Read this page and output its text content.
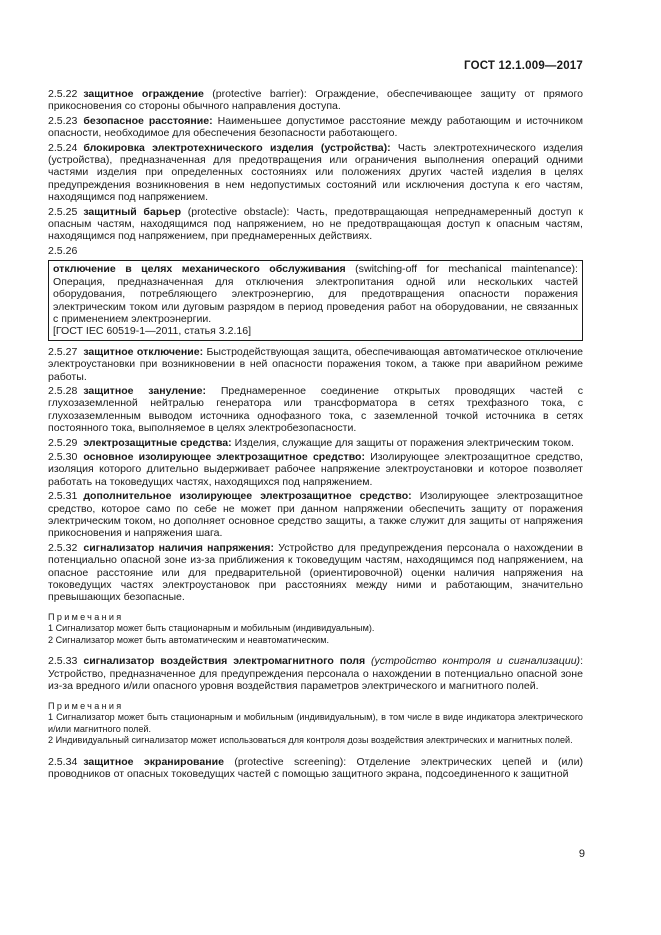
ГОСТ 12.1.009—2017

2.5.22 защитное ограждение (protective barrier): Ограждение, обеспечивающее защиту от прямого прикосновения со стороны обычного направления доступа.

2.5.23 безопасное расстояние: Наименьшее допустимое расстояние между работающим и источником опасности, необходимое для обеспечения безопасности работающего.

2.5.24 блокировка электротехнического изделия (устройства): Часть электротехнического изделия (устройства), предназначенная для предотвращения или ограничения выполнения операций одними частями изделия при определенных состояниях или положениях других частей изделия в целях предупреждения возникновения в нем недопустимых состояний или исключения доступа к его частям, находящимся под напряжением.

2.5.25 защитный барьер (protective obstacle): Часть, предотвращающая непреднамеренный доступ к опасным частям, находящимся под напряжением, но не предотвращающая доступ к опасным частям, находящимся под напряжением, при преднамеренных действиях.

2.5.26

отключение в целях механического обслуживания (switching-off for mechanical maintenance): Операция, предназначенная для отключения электропитания одной или нескольких частей оборудования, потребляющего электроэнергию, для предотвращения опасности поражения электрическим током или дуговым разрядом в период проведения работ на оборудовании, не связанных с применением электроэнергии.

[ГОСТ IEC 60519-1—2011, статья 3.2.16]

2.5.27 защитное отключение: Быстродействующая защита, обеспечивающая автоматическое отключение электроустановки при возникновении в ней опасности поражения током, а также при аварийном режиме работы.

2.5.28 защитное зануление: Преднамеренное соединение открытых проводящих частей с глухозаземленной нейтралью генератора или трансформатора в сетях трехфазного тока, с глухозаземленным выводом источника однофазного тока, с заземленной точкой источника в сетях постоянного тока, выполняемое в целях электробезопасности.

2.5.29 электрозащитные средства: Изделия, служащие для защиты от поражения электрическим током.

2.5.30 основное изолирующее электрозащитное средство: Изолирующее электрозащитное средство, изоляция которого длительно выдерживает рабочее напряжение электроустановки и которое позволяет работать на токоведущих частях, находящихся под напряжением.

2.5.31 дополнительное изолирующее электрозащитное средство: Изолирующее электрозащитное средство, которое само по себе не может при данном напряжении обеспечить защиту от поражения электрическим током, но дополняет основное средство защиты, а также служит для защиты от напряжения прикосновения и напряжения шага.

2.5.32 сигнализатор наличия напряжения: Устройство для предупреждения персонала о нахождении в потенциально опасной зоне из-за приближения к токоведущим частям, находящимся под напряжением, на опасное расстояние или для предварительной (ориентировочной) оценки наличия напряжения на токоведущих частях электроустановок при расстояниях между ними и работающим, значительно превышающих безопасные.

Примечания

1 Сигнализатор может быть стационарным и мобильным (индивидуальным).

2 Сигнализатор может быть автоматическим и неавтоматическим.

2.5.33 сигнализатор воздействия электромагнитного поля (устройство контроля и сигнализации): Устройство, предназначенное для предупреждения персонала о нахождении в потенциально опасной зоне из-за вредного и/или опасного уровня воздействия параметров электрического и магнитного полей.

Примечания

1 Сигнализатор может быть стационарным и мобильным (индивидуальным), в том числе в виде индикатора электрического и/или магнитного полей.

2 Индивидуальный сигнализатор может использоваться для контроля дозы воздействия электрических и магнитных полей.

2.5.34 защитное экранирование (protective screening): Отделение электрических цепей и (или) проводников от опасных токоведущих частей с помощью защитного экрана, подсоединенного к защитной

9
